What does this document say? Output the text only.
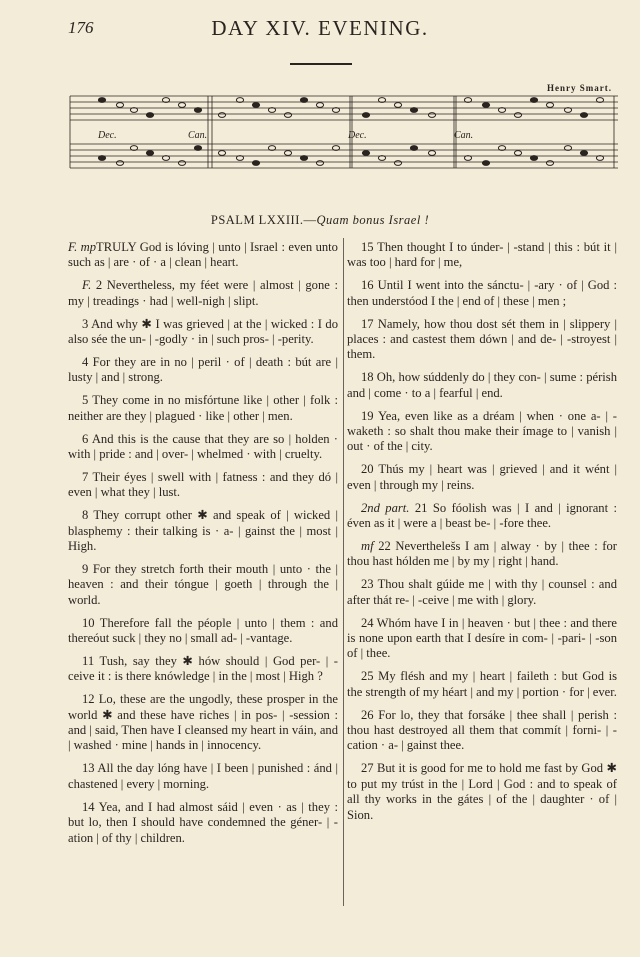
176	DAY XIV. EVENING.
Henry Smart.
Dec.	Can.	Dec.	Can.
PSALM LXXIII.—Quam bonus Israel !

F. mpTRULY God is lóving | unto | Israel : even unto such as | are · of · a | clean | heart.

F. 2 Nevertheless, my féet were | almost | gone : my | treadings · had | well-nigh | slipt.

3 And why ✱ I was grieved | at the | wicked : I do also sée the un- | -godly · in | such pros- | -perity.

4 For they are in no | peril · of | death : bút are | lusty | and | strong.

5 They come in no misfórtune like | other | folk : neither are they | plagued · like | other | men.

6 And this is the cause that they are so | holden · with | pride : and | over- | whelmed · with | cruelty.

7 Their éyes | swell with | fatness : and they dó | even | what they | lust.

8 They corrupt other ✱ and speak of | wicked | blasphemy : their talking is · a- | gainst the | most | High.

9 For they stretch forth their mouth | unto · the | heaven : and their tóngue | goeth | through the | world.

10 Therefore fall the péople | unto | them : and thereóut suck | they no | small ad- | -vantage.

11 Tush, say they ✱ hów should | God per- | -ceive it : is there knówledge | in the | most | High ?

12 Lo, these are the ungodly, these prosper in the world ✱ and these have riches | in pos- | -session : and | said, Then have I cleansed my heart in váin, and | washed · mine | hands in | innocency.

13 All the day lóng have | I been | punished : ánd | chastened | every | morning.

14 Yea, and I had almost sáid | even · as | they : but lo, then I should have condemned the géner- | -ation | of thy | children.

15 Then thought I to únder- | -stand | this : bút it | was too | hard for | me,

16 Until I went into the sánctu- | -ary · of | God : then understóod I the | end of | these | men ;

17 Namely, how thou dost sét them in | slippery | places : and castest them dówn | and de- | -stroyest | them.

18 Oh, how súddenly do | they con- | sume : pérish and | come · to a | fearful | end.

19 Yea, even like as a dréam | when · one a- | -waketh : so shalt thou make their ímage to | vanish | out · of the | city.

20 Thús my | heart was | grieved | and it wént | even | through my | reins.

2nd part. 21 So fóolish was | I and | ignorant : éven as it | were a | beast be- | -fore thee.

mf 22 Neverthelešs I am | alway · by | thee : for thou hast hólden me | by my | right | hand.

23 Thou shalt gúide me | with thy | counsel : and after thát re- | -ceive | me with | glory.

24 Whóm have I in | heaven · but | thee : and there is none upon earth that I desíre in com- | -pari- | -son of | thee.

25 My flésh and my | heart | faileth : but God is the strength of my héart | and my | portion · for | ever.

26 For lo, they that forsáke | thee shall | perish : thou hast destroyed all them that commít | forni- | -cation · a- | gainst thee.

27 But it is good for me to hold me fast by God ✱ to put my trúst in the | Lord | God : and to speak of all thy works in the gátes | of the | daughter · of | Sion.
